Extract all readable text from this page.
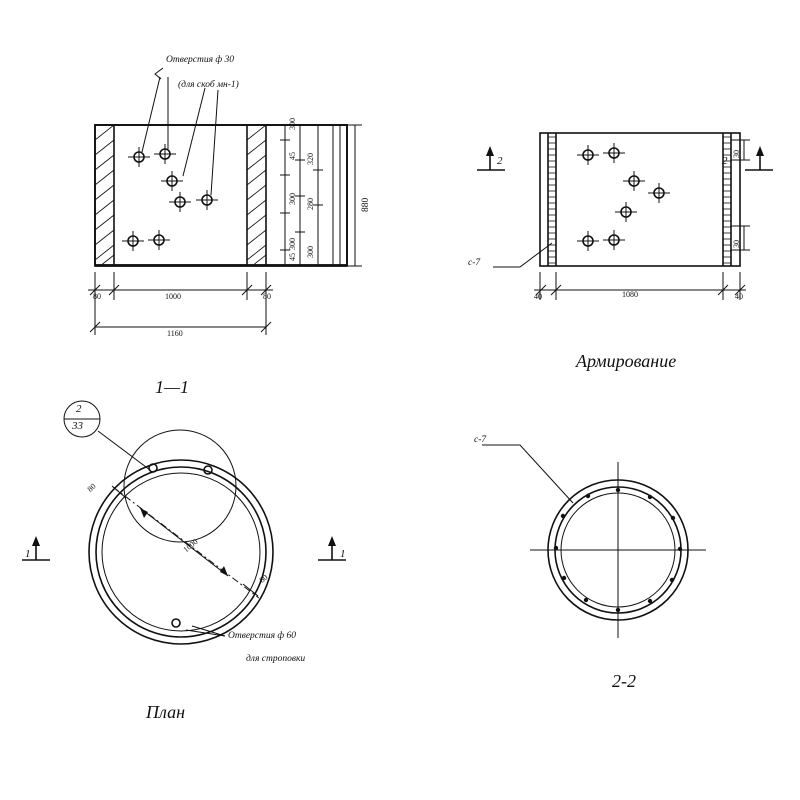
Отверстия ф 30
(для скоб мн-1)
80	1000	80
1160
45
300
320
300
280
300
300
45
880
1—1
с-7
2	2
30
30
40	1080	40
Армирование
2
33
80
1000
80
Отверстия ф 60
для строповки
1	1
План
с-7
2-2
